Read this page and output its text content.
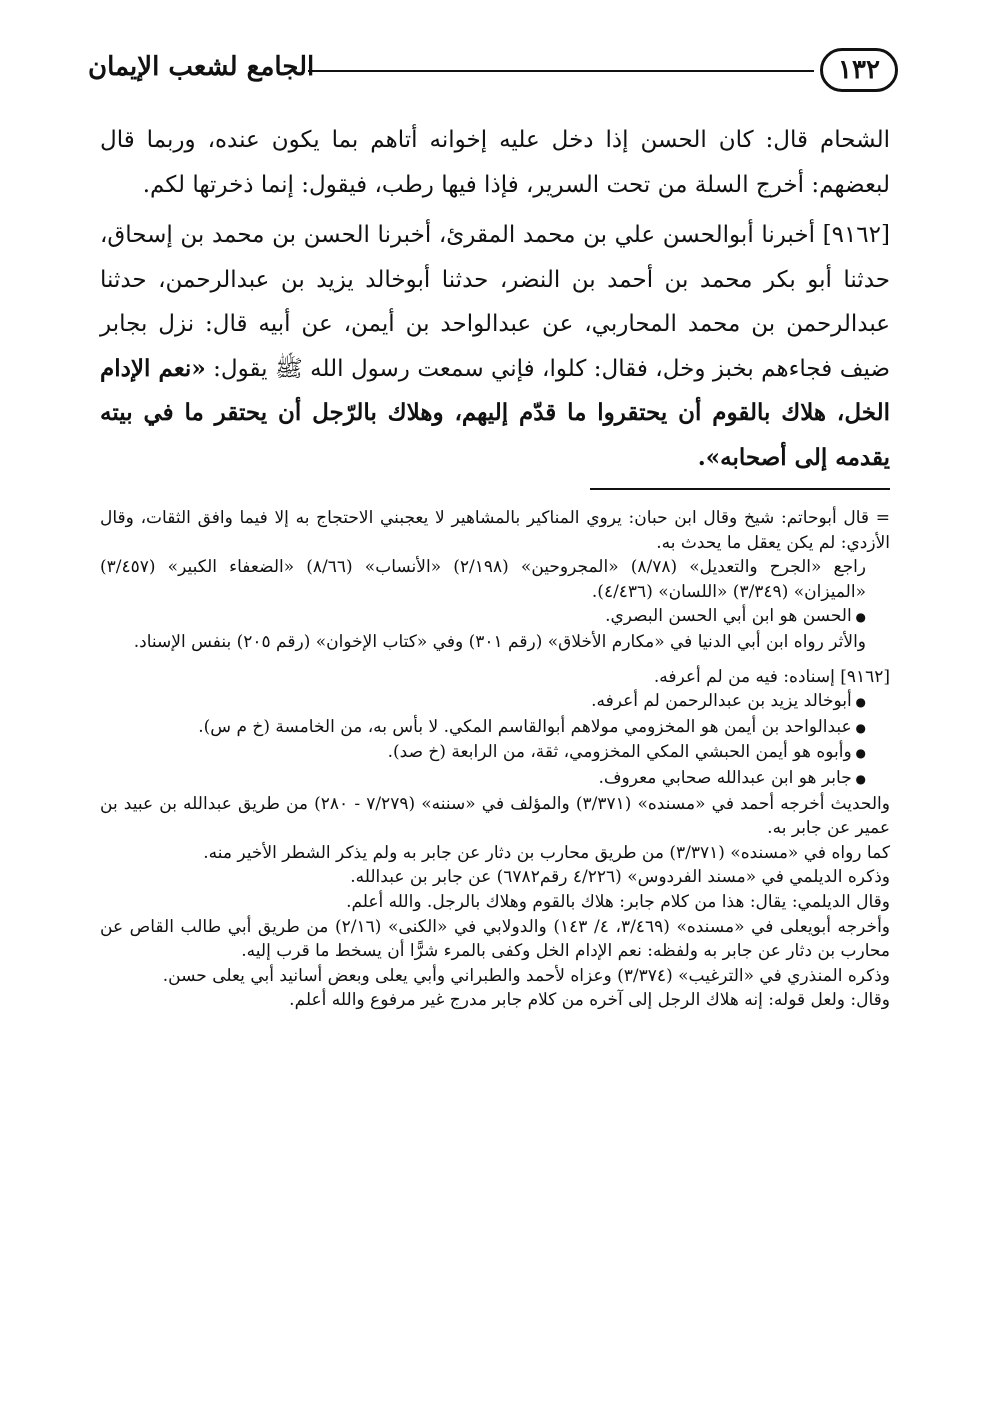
الجامع لشعب الإيمان	١٣٢

الشحام قال: كان الحسن إذا دخل عليه إخوانه أتاهم بما يكون عنده، وربما قال لبعضهم: أخرج السلة من تحت السرير، فإذا فيها رطب، فيقول: إنما ذخرتها لكم.

[٩١٦٢] أخبرنا أبوالحسن علي بن محمد المقرئ، أخبرنا الحسن بن محمد بن إسحاق، حدثنا أبو بكر محمد بن أحمد بن النضر، حدثنا أبوخالد يزيد بن عبدالرحمن، حدثنا عبدالرحمن بن محمد المحاربي، عن عبدالواحد بن أيمن، عن أبيه قال: نزل بجابر ضيف فجاءهم بخبز وخل، فقال: كلوا، فإني سمعت رسول الله ﷺ يقول: «نعم الإدام الخل، هلاك بالقوم أن يحتقروا ما قدّم إليهم، وهلاك بالرّجل أن يحتقر ما في بيته يقدمه إلى أصحابه».

= قال أبوحاتم: شيخ وقال ابن حبان: يروي المناكير بالمشاهير لا يعجبني الاحتجاج به إلا فيما وافق الثقات، وقال الأزدي: لم يكن يعقل ما يحدث به.

راجع «الجرح والتعديل» (٨/٧٨) «المجروحين» (٢/١٩٨) «الأنساب» (٨/٦٦) «الضعفاء الكبير» (٣/٤٥٧) «الميزان» (٣/٣٤٩) «اللسان» (٤/٤٣٦).

● الحسن هو ابن أبي الحسن البصري.

والأثر رواه ابن أبي الدنيا في «مكارم الأخلاق» (رقم ٣٠١) وفي «كتاب الإخوان» (رقم ٢٠٥) بنفس الإسناد.

[٩١٦٢] إسناده: فيه من لم أعرفه.

● أبوخالد يزيد بن عبدالرحمن لم أعرفه.

● عبدالواحد بن أيمن هو المخزومي مولاهم أبوالقاسم المكي. لا بأس به، من الخامسة (خ م س).

● وأبوه هو أيمن الحبشي المكي المخزومي، ثقة، من الرابعة (خ صد).

● جابر هو ابن عبدالله صحابي معروف.

والحديث أخرجه أحمد في «مسنده» (٣/٣٧١) والمؤلف في «سننه» (٧/٢٧٩ - ٢٨٠) من طريق عبدالله بن عبيد بن عمير عن جابر به.

كما رواه في «مسنده» (٣/٣٧١) من طريق محارب بن دثار عن جابر به ولم يذكر الشطر الأخير منه.

وذكره الديلمي في «مسند الفردوس» (٤/٢٢٦ رقم٦٧٨٢) عن جابر بن عبدالله.

وقال الديلمي: يقال: هذا من كلام جابر: هلاك بالقوم وهلاك بالرجل. والله أعلم.

وأخرجه أبويعلى في «مسنده» (٣/٤٦٩، ٤/ ١٤٣) والدولابي في «الكنى» (٢/١٦) من طريق أبي طالب القاص عن محارب بن دثار عن جابر به ولفظه: نعم الإدام الخل وكفى بالمرء شرًّا أن يسخط ما قرب إليه.

وذكره المنذري في «الترغيب» (٣/٣٧٤) وعزاه لأحمد والطبراني وأبي يعلى وبعض أسانيد أبي يعلى حسن.

وقال: ولعل قوله: إنه هلاك الرجل إلى آخره من كلام جابر مدرج غير مرفوع والله أعلم.
